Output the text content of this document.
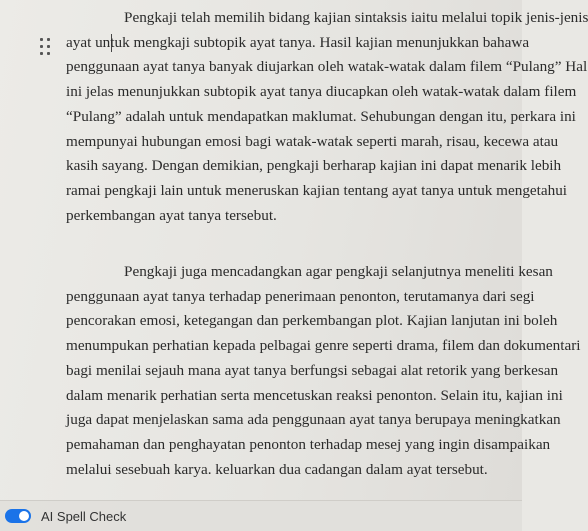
Pengkaji telah memilih bidang kajian sintaksis iaitu melalui topik jenis-jenis
ayat untuk mengkaji subtopik ayat tanya. Hasil kajian menunjukkan bahawa
penggunaan ayat tanya banyak diujarkan oleh watak-watak dalam filem “Pulang” Hal
ini jelas menunjukkan subtopik ayat tanya diucapkan oleh watak-watak dalam filem
“Pulang” adalah untuk mendapatkan maklumat. Sehubungan dengan itu, perkara ini
mempunyai hubungan emosi bagi watak-watak seperti marah, risau, kecewa atau
kasih sayang. Dengan demikian, pengkaji berharap kajian ini dapat menarik lebih
ramai pengkaji lain untuk meneruskan kajian tentang ayat tanya untuk mengetahui
perkembangan ayat tanya tersebut.

Pengkaji juga mencadangkan agar pengkaji selanjutnya meneliti kesan
penggunaan ayat tanya terhadap penerimaan penonton, terutamanya dari segi
pencorakan emosi, ketegangan dan perkembangan plot. Kajian lanjutan ini boleh
menumpukan perhatian kepada pelbagai genre seperti drama, filem dan dokumentari
bagi menilai sejauh mana ayat tanya berfungsi sebagai alat retorik yang berkesan
dalam menarik perhatian serta mencetuskan reaksi penonton. Selain itu, kajian ini
juga dapat menjelaskan sama ada penggunaan ayat tanya berupaya meningkatkan
pemahaman dan penghayatan penonton terhadap mesej yang ingin disampaikan
melalui sesebuah karya. keluarkan dua cadangan dalam ayat tersebut.

AI Spell Check
